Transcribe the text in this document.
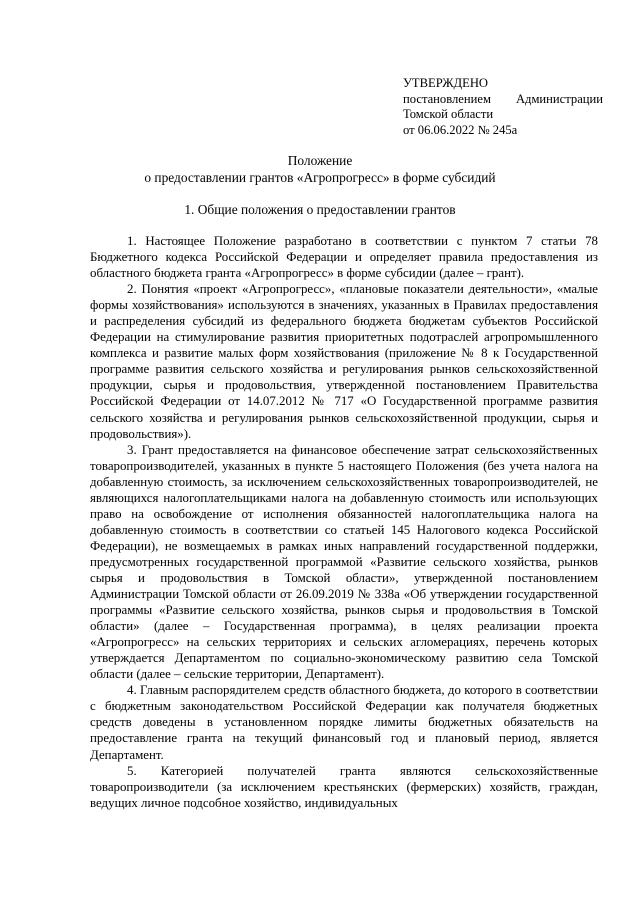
УТВЕРЖДЕНО
постановлением Администрации
Томской области
от 06.06.2022 № 245а
Положение
о предоставлении грантов «Агропрогресс» в форме субсидий
1. Общие положения о предоставлении грантов

1. Настоящее Положение разработано в соответствии с пунктом 7 статьи 78 Бюджетного кодекса Российской Федерации и определяет правила предоставления из областного бюджета гранта «Агропрогресс» в форме субсидии (далее – грант).

2. Понятия «проект «Агропрогресс», «плановые показатели деятельности», «малые формы хозяйствования» используются в значениях, указанных в Правилах предоставления и распределения субсидий из федерального бюджета бюджетам субъектов Российской Федерации на стимулирование развития приоритетных подотраслей агропромышленного комплекса и развитие малых форм хозяйствования (приложение № 8 к Государственной программе развития сельского хозяйства и регулирования рынков сельскохозяйственной продукции, сырья и продовольствия, утвержденной постановлением Правительства Российской Федерации от 14.07.2012 № 717 «О Государственной программе развития сельского хозяйства и регулирования рынков сельскохозяйственной продукции, сырья и продовольствия»).

3. Грант предоставляется на финансовое обеспечение затрат сельскохозяйственных товаропроизводителей, указанных в пункте 5 настоящего Положения (без учета налога на добавленную стоимость, за исключением сельскохозяйственных товаропроизводителей, не являющихся налогоплательщиками налога на добавленную стоимость или использующих право на освобождение от исполнения обязанностей налогоплательщика налога на добавленную стоимость в соответствии со статьей 145 Налогового кодекса Российской Федерации), не возмещаемых в рамках иных направлений государственной поддержки, предусмотренных государственной программой «Развитие сельского хозяйства, рынков сырья и продовольствия в Томской области», утвержденной постановлением Администрации Томской области от 26.09.2019 № 338а «Об утверждении государственной программы «Развитие сельского хозяйства, рынков сырья и продовольствия в Томской области» (далее – Государственная программа), в целях реализации проекта «Агропрогресс» на сельских территориях и сельских агломерациях, перечень которых утверждается Департаментом по социально-экономическому развитию села Томской области (далее – сельские территории, Департамент).

4. Главным распорядителем средств областного бюджета, до которого в соответствии с бюджетным законодательством Российской Федерации как получателя бюджетных средств доведены в установленном порядке лимиты бюджетных обязательств на предоставление гранта на текущий финансовый год и плановый период, является Департамент.

5. Категорией получателей гранта являются сельскохозяйственные товаропроизводители (за исключением крестьянских (фермерских) хозяйств, граждан, ведущих личное подсобное хозяйство, индивидуальных
